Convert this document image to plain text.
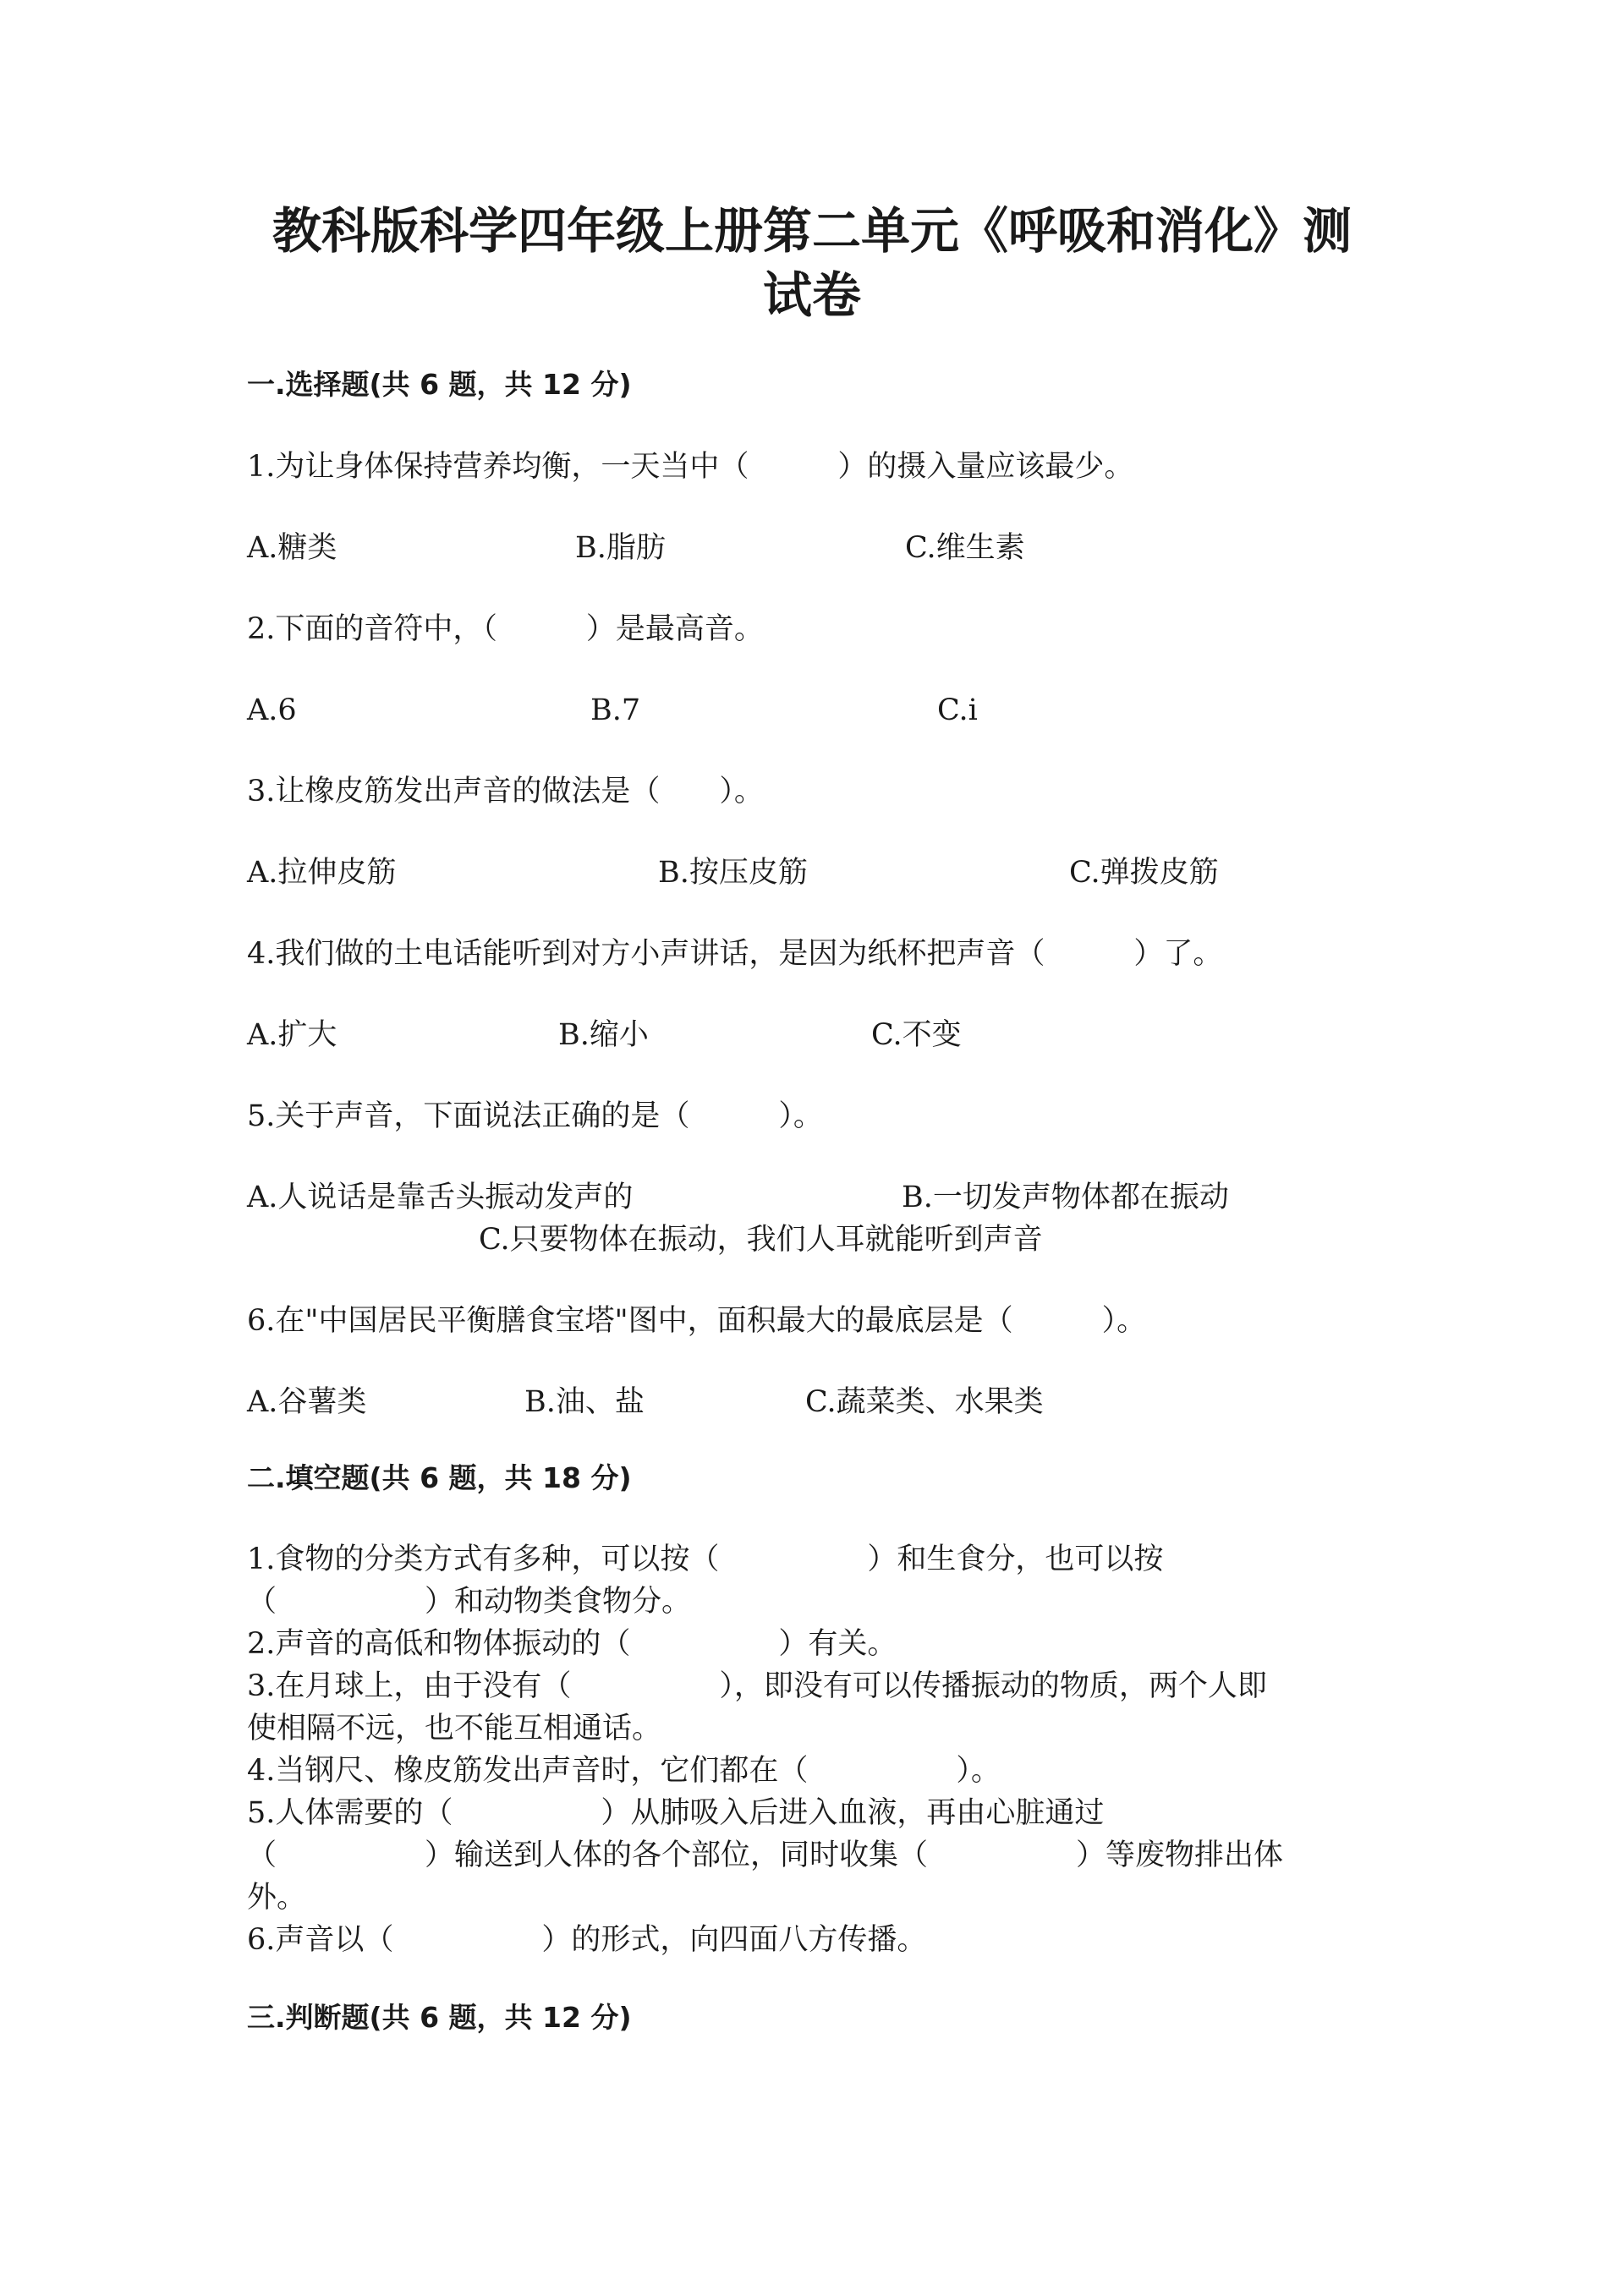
教科版科学四年级上册第二单元《呼吸和消化》测
试卷
一.选择题(共 6 题，共 12 分)
1.为让身体保持营养均衡，一天当中（　　　）的摄入量应该最少。
A.糖类	B.脂肪	C.维生素
2.下面的音符中，（　　　）是最高音。
A.6	B.7	C.i
3.让橡皮筋发出声音的做法是（　　）。
A.拉伸皮筋	B.按压皮筋	C.弹拨皮筋
4.我们做的土电话能听到对方小声讲话，是因为纸杯把声音（　　　）了。
A.扩大	B.缩小	C.不变
5.关于声音，下面说法正确的是（　　　）。
A.人说话是靠舌头振动发声的	B.一切发声物体都在振动
C.只要物体在振动，我们人耳就能听到声音
6.在"中国居民平衡膳食宝塔"图中，面积最大的最底层是（　　　）。
A.谷薯类	B.油、盐	C.蔬菜类、水果类
二.填空题(共 6 题，共 18 分)
1.食物的分类方式有多种，可以按（　　　　　）和生食分，也可以按
（　　　　　）和动物类食物分。
2.声音的高低和物体振动的（　　　　　）有关。
3.在月球上，由于没有（　　　　　），即没有可以传播振动的物质，两个人即
使相隔不远，也不能互相通话。
4.当钢尺、橡皮筋发出声音时，它们都在（　　　　　）。
5.人体需要的（　　　　　）从肺吸入后进入血液，再由心脏通过
（　　　　　）输送到人体的各个部位，同时收集（　　　　　）等废物排出体
外。
6.声音以（　　　　　）的形式，向四面八方传播。
三.判断题(共 6 题，共 12 分)
